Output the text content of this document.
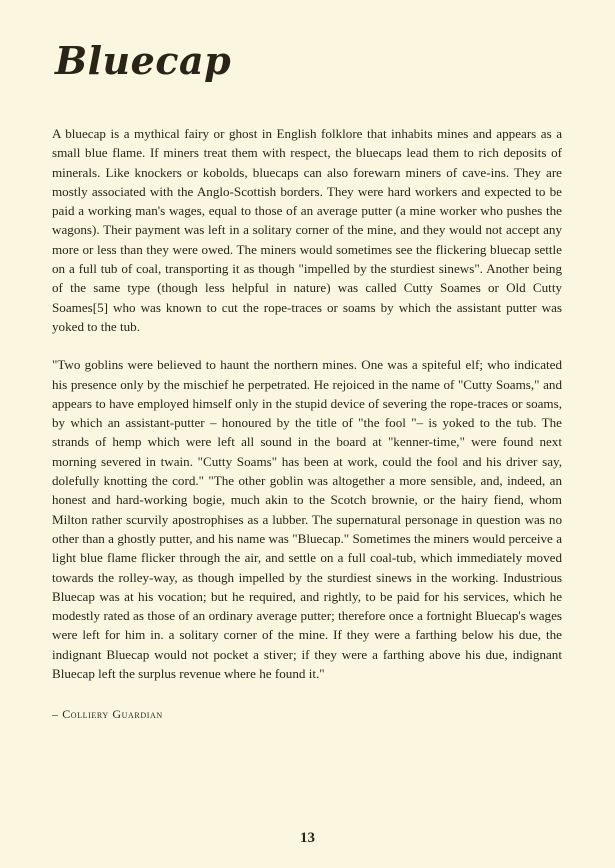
Bluecap

A bluecap is a mythical fairy or ghost in English folklore that inhabits mines and appears as a small blue flame. If miners treat them with respect, the bluecaps lead them to rich deposits of minerals. Like knockers or kobolds, bluecaps can also forewarn miners of cave-ins. They are mostly associated with the Anglo-Scottish borders. They were hard workers and expected to be paid a working man's wages, equal to those of an average putter (a mine worker who pushes the wagons). Their payment was left in a solitary corner of the mine, and they would not accept any more or less than they were owed. The miners would sometimes see the flickering bluecap settle on a full tub of coal, transporting it as though "impelled by the sturdiest sinews". Another being of the same type (though less helpful in nature) was called Cutty Soames or Old Cutty Soames[5] who was known to cut the rope-traces or soams by which the assistant putter was yoked to the tub.

"Two goblins were believed to haunt the northern mines. One was a spiteful elf; who indicated his presence only by the mischief he perpetrated. He rejoiced in the name of "Cutty Soams," and appears to have employed himself only in the stupid device of severing the rope-traces or soams, by which an assistant-putter – honoured by the title of "the fool "– is yoked to the tub. The strands of hemp which were left all sound in the board at "kenner-time," were found next morning severed in twain. "Cutty Soams" has been at work, could the fool and his driver say, dolefully knotting the cord." "The other goblin was altogether a more sensible, and, indeed, an honest and hard-working bogie, much akin to the Scotch brownie, or the hairy fiend, whom Milton rather scurvily apostrophises as a lubber. The supernatural personage in question was no other than a ghostly putter, and his name was "Bluecap." Sometimes the miners would perceive a light blue flame flicker through the air, and settle on a full coal-tub, which immediately moved towards the rolley-way, as though impelled by the sturdiest sinews in the working. Industrious Bluecap was at his vocation; but he required, and rightly, to be paid for his services, which he modestly rated as those of an ordinary average putter; therefore once a fortnight Bluecap's wages were left for him in. a solitary corner of the mine. If they were a farthing below his due, the indignant Bluecap would not pocket a stiver; if they were a farthing above his due, indignant Bluecap left the surplus revenue where he found it."

– Colliery Guardian

13
